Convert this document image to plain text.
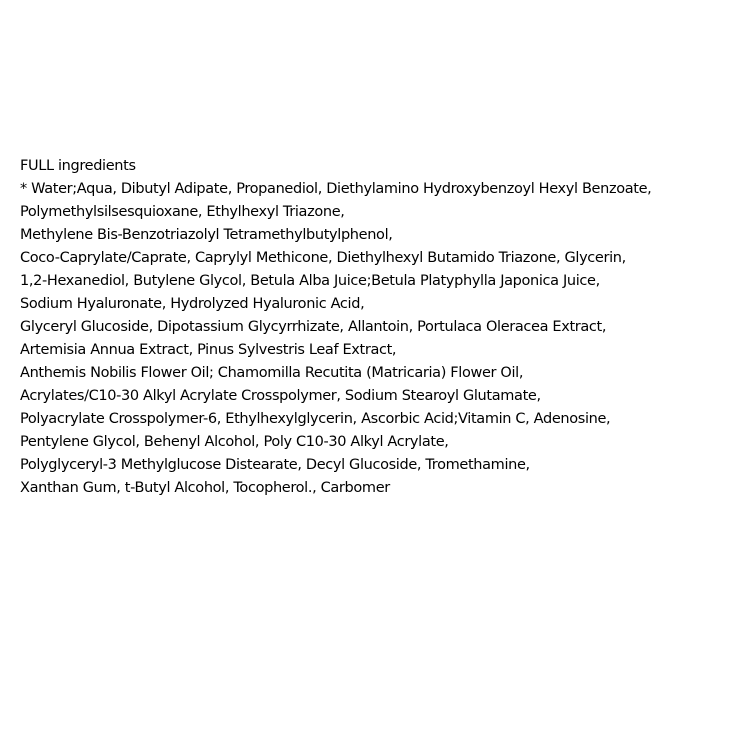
FULL ingredients
* Water;Aqua, Dibutyl Adipate, Propanediol, Diethylamino Hydroxybenzoyl Hexyl Benzoate,
Polymethylsilsesquioxane, Ethylhexyl Triazone,
Methylene Bis-Benzotriazolyl Tetramethylbutylphenol,
Coco-Caprylate/Caprate, Caprylyl Methicone, Diethylhexyl Butamido Triazone, Glycerin,
1,2-Hexanediol, Butylene Glycol, Betula Alba Juice;Betula Platyphylla Japonica Juice,
Sodium Hyaluronate, Hydrolyzed Hyaluronic Acid,
Glyceryl Glucoside, Dipotassium Glycyrrhizate, Allantoin, Portulaca Oleracea Extract,
Artemisia Annua Extract, Pinus Sylvestris Leaf Extract,
Anthemis Nobilis Flower Oil; Chamomilla Recutita (Matricaria) Flower Oil,
Acrylates/C10-30 Alkyl Acrylate Crosspolymer, Sodium Stearoyl Glutamate,
Polyacrylate Crosspolymer-6, Ethylhexylglycerin, Ascorbic Acid;Vitamin C, Adenosine,
Pentylene Glycol, Behenyl Alcohol, Poly C10-30 Alkyl Acrylate,
Polyglyceryl-3 Methylglucose Distearate, Decyl Glucoside, Tromethamine,
Xanthan Gum, t-Butyl Alcohol, Tocopherol., Carbomer
